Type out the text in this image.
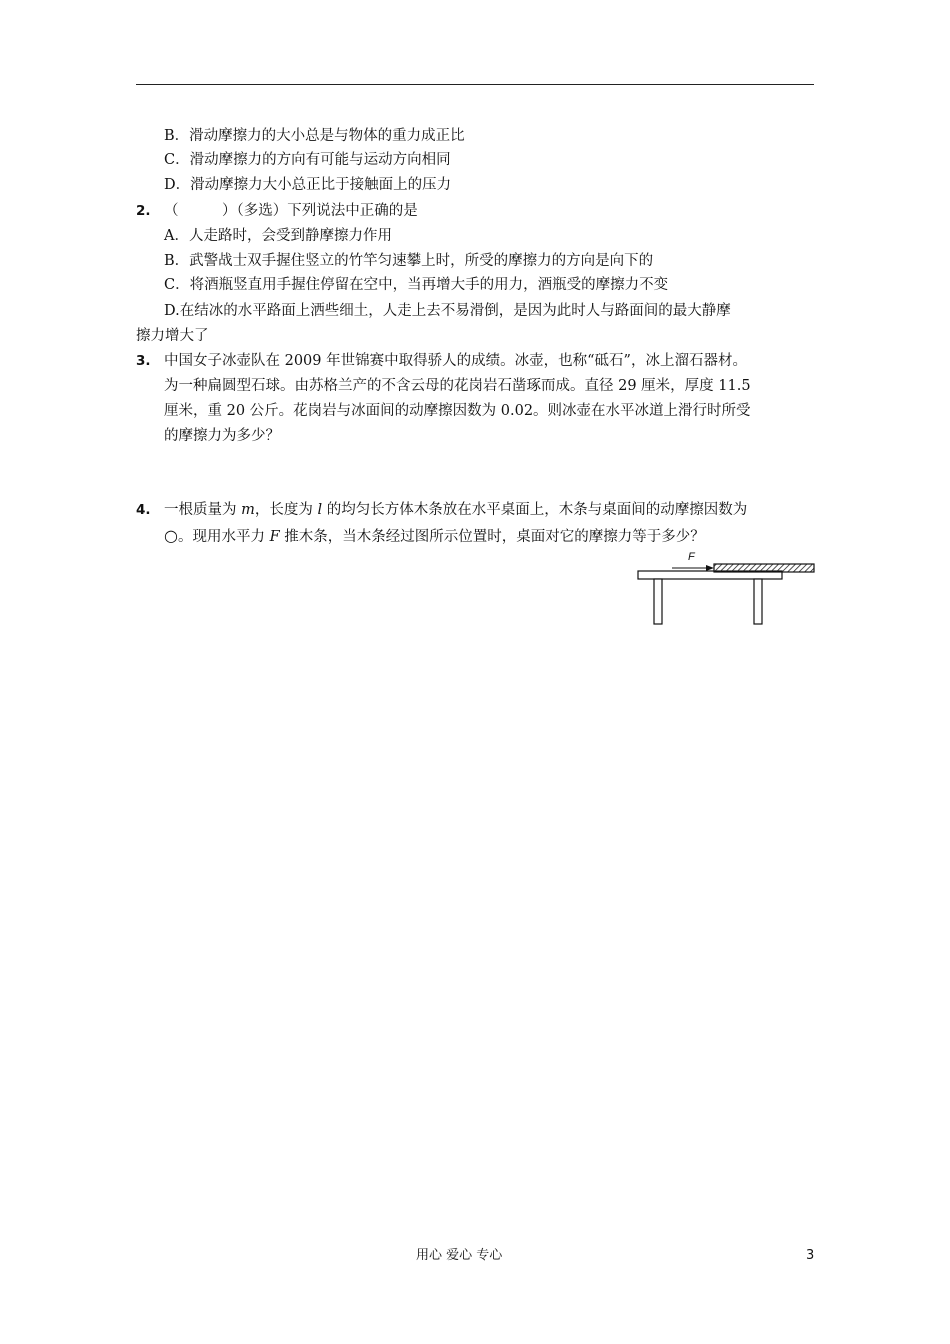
B．滑动摩擦力的大小总是与物体的重力成正比
C．滑动摩擦力的方向有可能与运动方向相同
D．滑动摩擦力大小总正比于接触面上的压力
2. （　　　）（多选）下列说法中正确的是
A．人走路时，会受到静摩擦力作用
B．武警战士双手握住竖立的竹竿匀速攀上时，所受的摩擦力的方向是向下的
C．将酒瓶竖直用手握住停留在空中，当再增大手的用力，酒瓶受的摩擦力不变
D.在结冰的水平路面上洒些细土，人走上去不易滑倒，是因为此时人与路面间的最大静摩
擦力增大了
3. 中国女子冰壶队在 2009 年世锦赛中取得骄人的成绩。冰壶，也称“砥石”，冰上溜石器材。
为一种扁圆型石球。由苏格兰产的不含云母的花岗岩石凿琢而成。直径 29 厘米，厚度 11.5
厘米，重 20 公斤。花岗岩与冰面间的动摩擦因数为 0.02。则冰壶在水平冰道上滑行时所受
的摩擦力为多少？
4. 一根质量为 m，长度为 l 的均匀长方体木条放在水平桌面上，木条与桌面间的动摩擦因数为
○。现用水平力 F 推木条，当木条经过图所示位置时，桌面对它的摩擦力等于多少？
F
用心 爱心 专心	3
